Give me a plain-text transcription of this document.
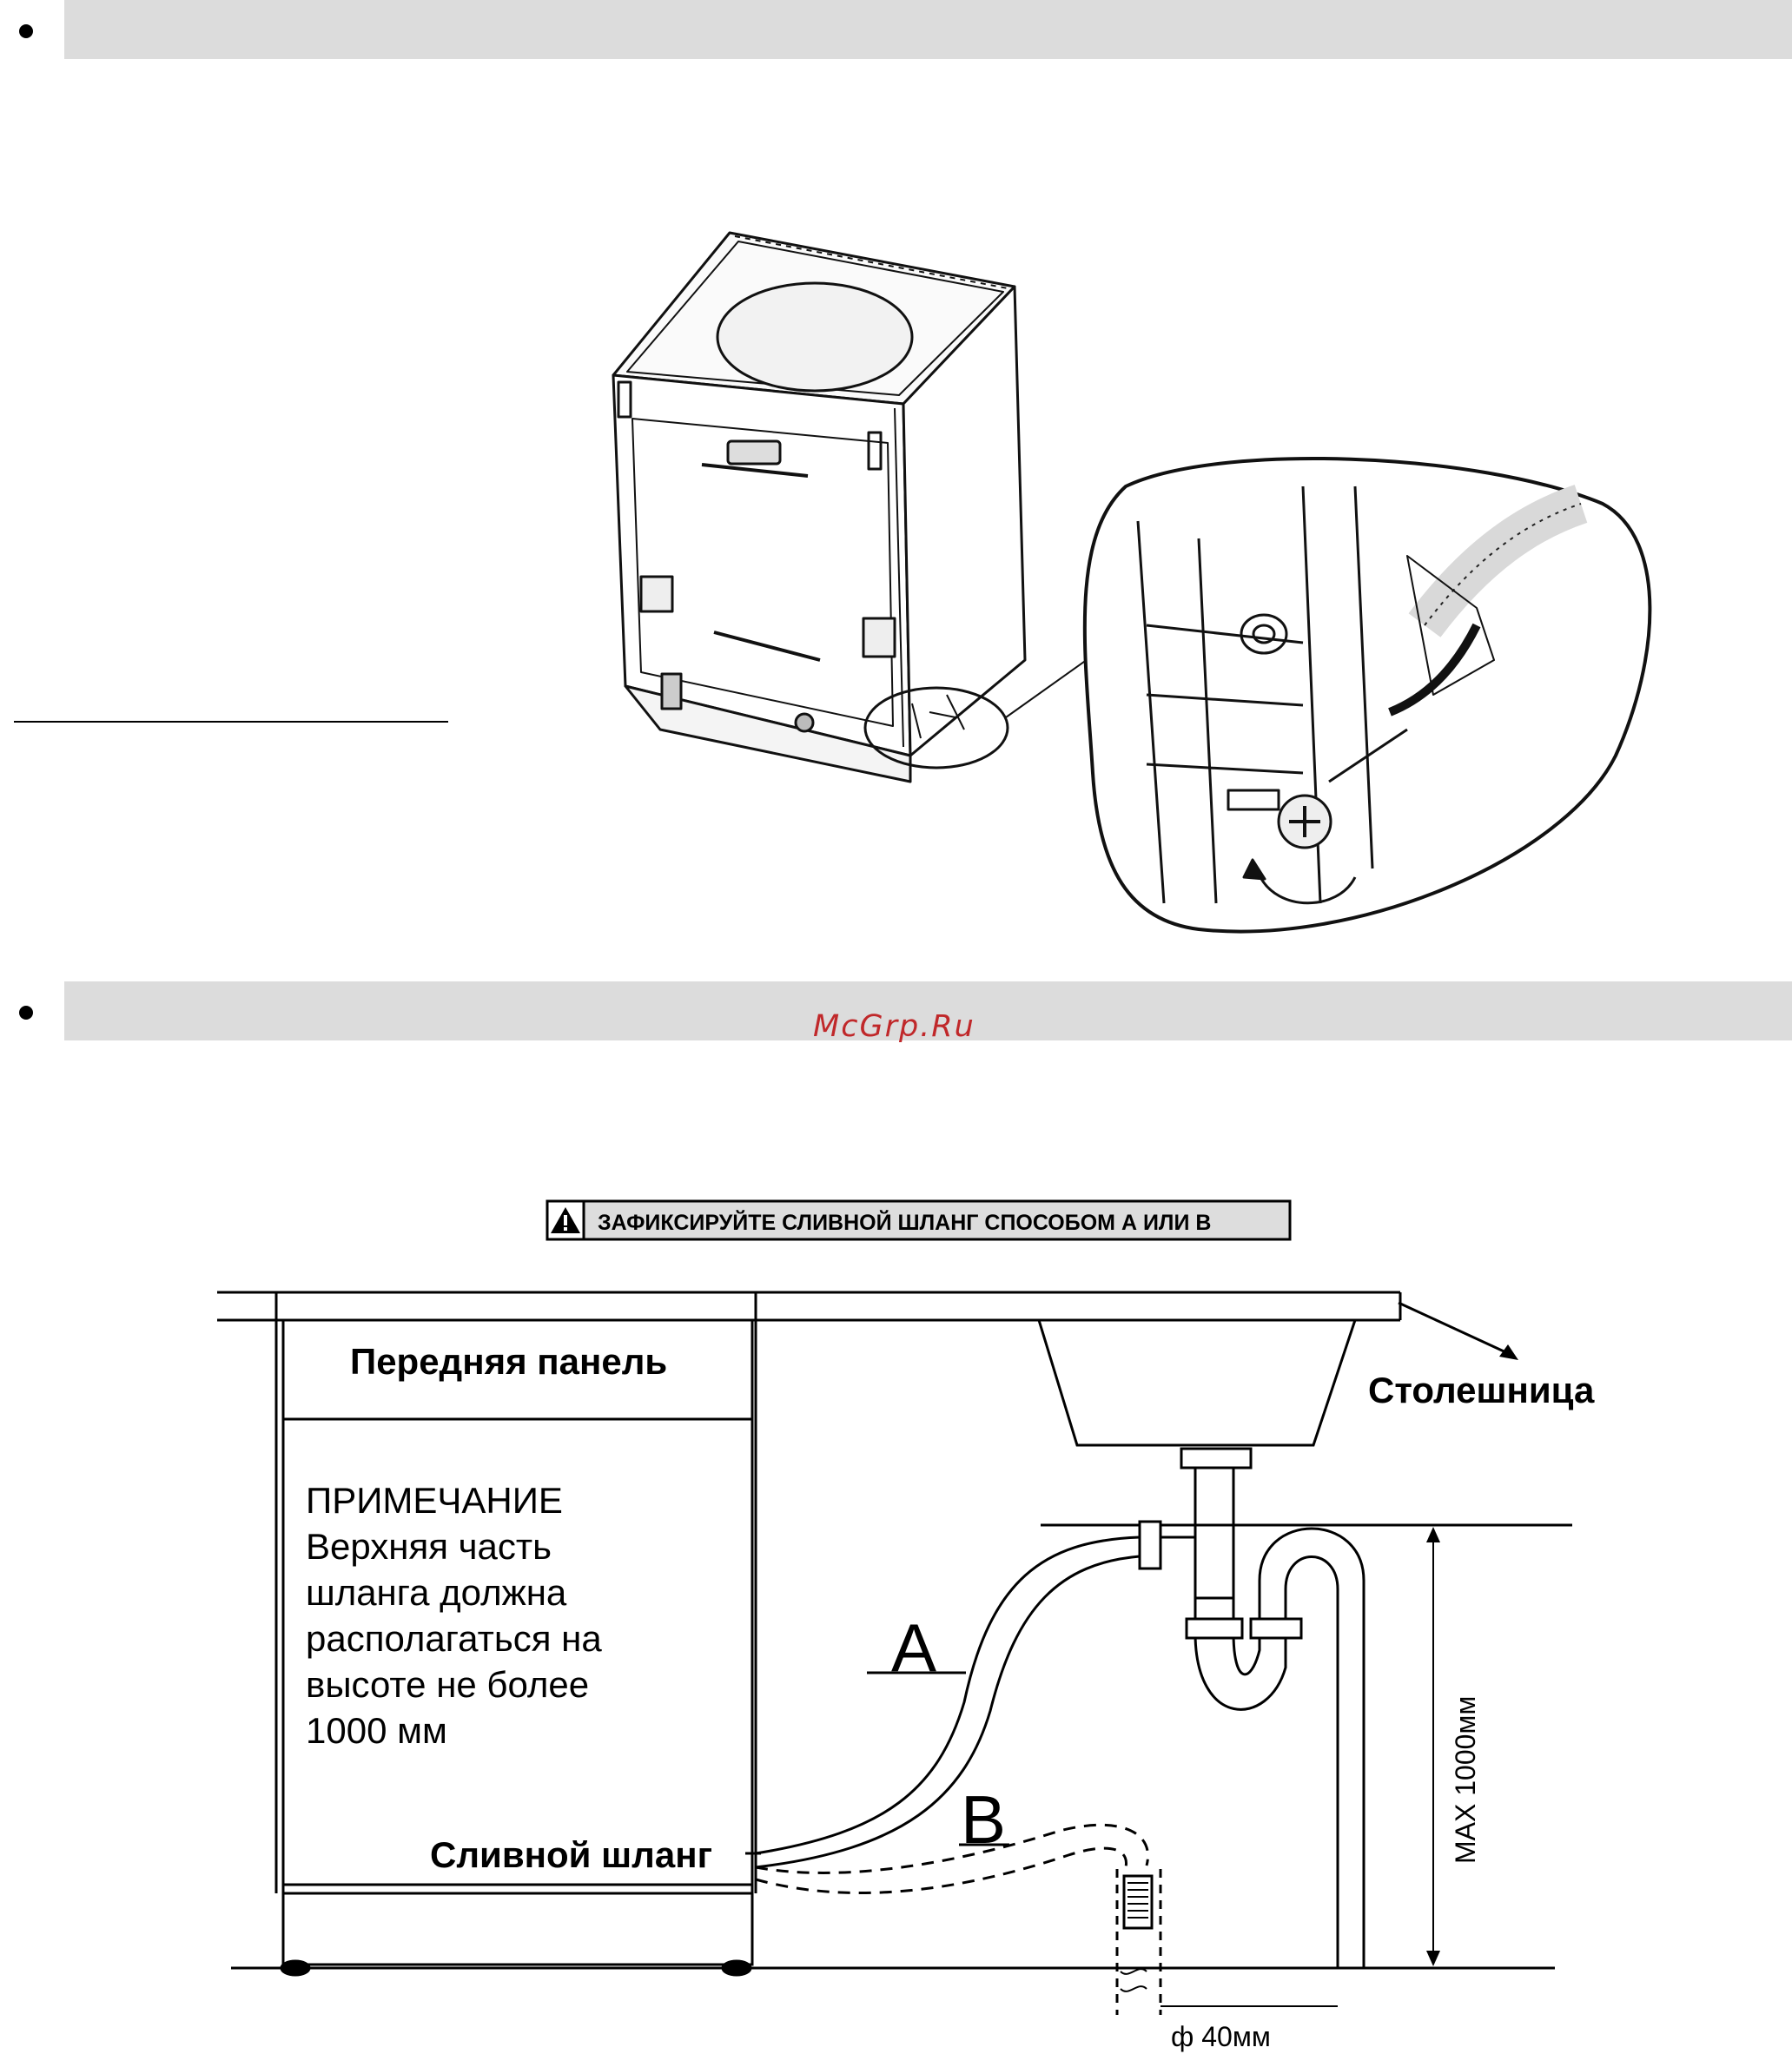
McGrp.Ru
ЗАФИКСИРУЙТЕ СЛИВНОЙ ШЛАНГ СПОСОБОМ А ИЛИ В
Передняя панель
Столешница
Сливной шланг
A
B
ф 40мм
MAX 1000мм
ПРИМЕЧАНИЕ
Верхняя часть
шланга должна
располагаться на
высоте не более
1000 мм
